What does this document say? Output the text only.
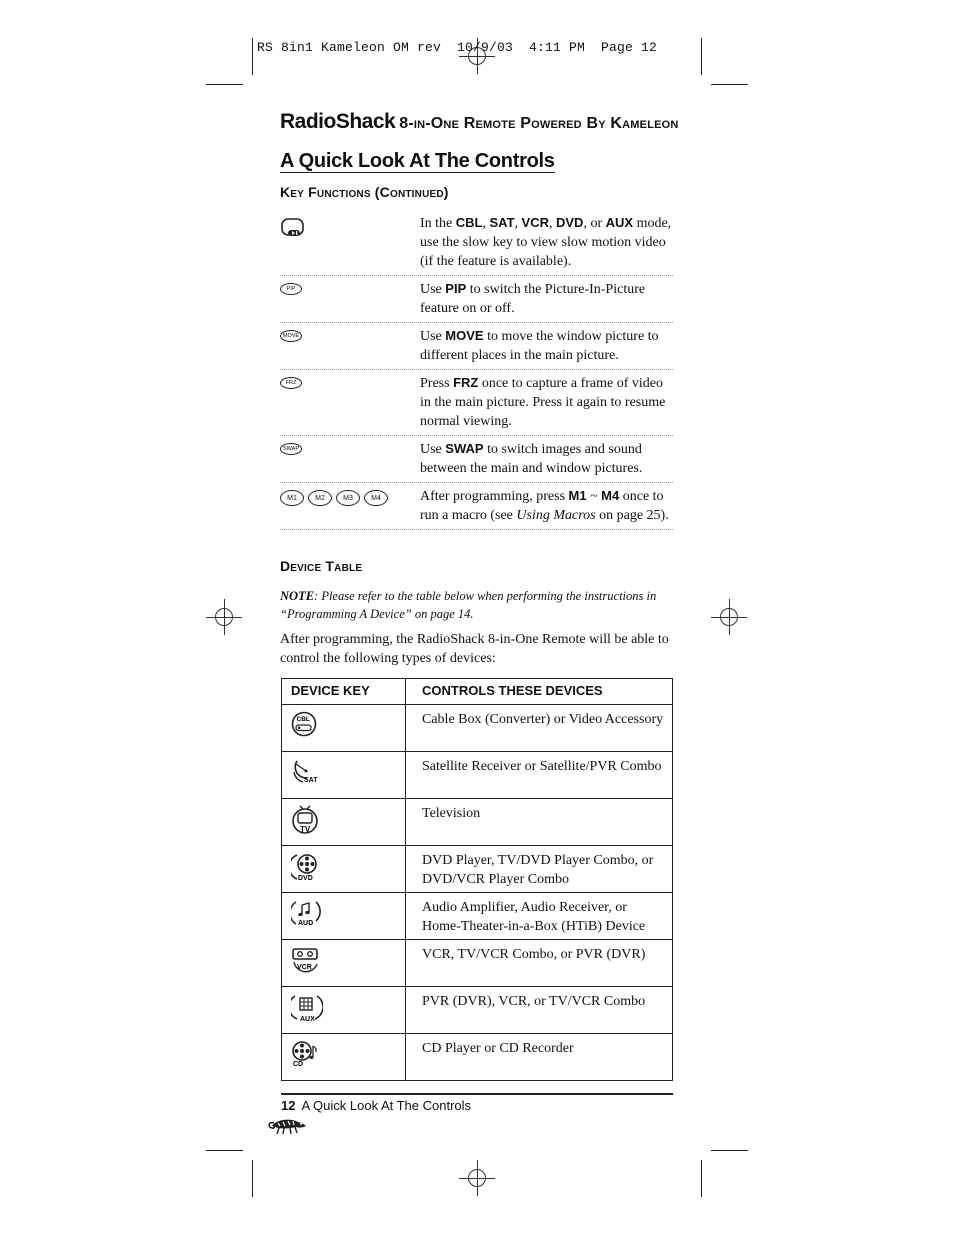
RS 8in1 Kameleon OM rev  10/9/03  4:11 PM  Page 12
RadioShack 8-in-One Remote Powered By Kameleon
A Quick Look At The Controls
Key Functions (Continued)
In the CBL, SAT, VCR, DVD, or AUX mode, use the slow key to view slow motion video (if the feature is available).
PIP	Use PIP to switch the Picture-In-Picture feature on or off.
MOVE	Use MOVE to move the window picture to different places in the main picture.
FRZ	Press FRZ once to capture a frame of video in the main picture. Press it again to resume normal viewing.
SWAP	Use SWAP to switch images and sound between the main and window pictures.
M1	M2	M3	M4	After programming, press M1 ~ M4 once to run a macro (see Using Macros on page 25).
Device Table
NOTE: Please refer to the table below when performing the instructions in “Programming A Device” on page 14.
After programming, the RadioShack 8-in-One Remote will be able to control the following types of devices:
DEVICE KEY	CONTROLS THESE DEVICES

CBL	Cable Box (Converter) or Video Accessory

SAT	Satellite Receiver or Satellite/PVR Combo

TV	Television

DVD	DVD Player, TV/DVD Player Combo, or DVD/VCR Player Combo

AUD	Audio Amplifier, Audio Receiver, or Home-Theater-in-a-Box (HTiB) Device

VCR	VCR, TV/VCR Combo, or PVR (DVR)

AUX	PVR (DVR), VCR, or TV/VCR Combo

CD	CD Player or CD Recorder
12 A Quick Look At The Controls
